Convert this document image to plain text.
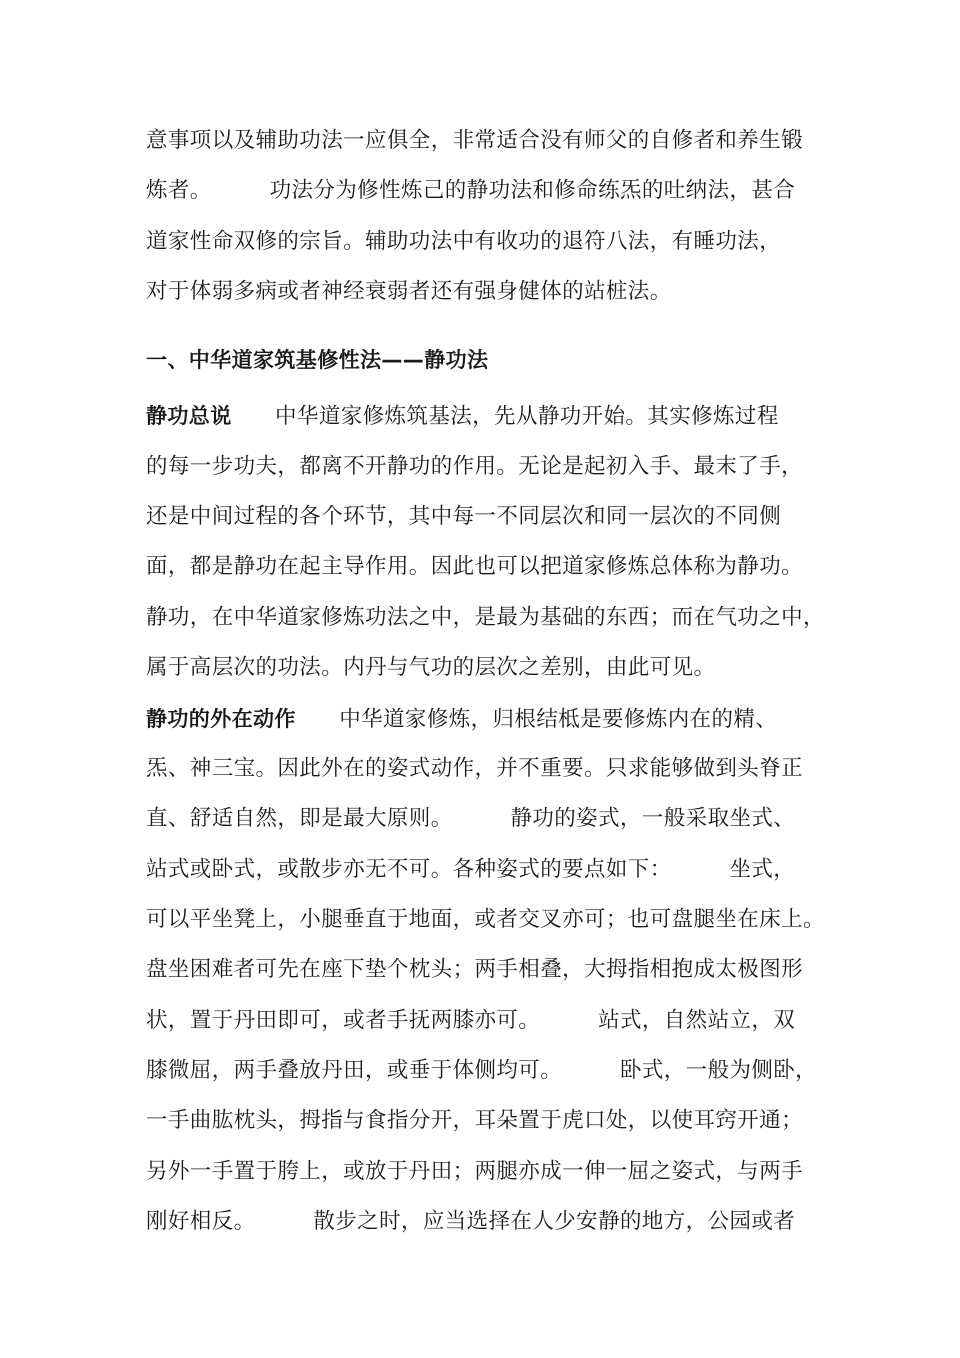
意事项以及辅助功法一应俱全，非常适合没有师父的自修者和养生锻
炼者。        功法分为修性炼己的静功法和修命练炁的吐纳法，甚合
道家性命双修的宗旨。辅助功法中有收功的退符八法，有睡功法，
对于体弱多病或者神经衰弱者还有强身健体的站桩法。
一、中华道家筑基修性法——静功法
静功总说      中华道家修炼筑基法，先从静功开始。其实修炼过程
的每一步功夫，都离不开静功的作用。无论是起初入手、最末了手，
还是中间过程的各个环节，其中每一不同层次和同一层次的不同侧
面，都是静功在起主导作用。因此也可以把道家修炼总体称为静功。
静功，在中华道家修炼功法之中，是最为基础的东西；而在气功之中，
属于高层次的功法。内丹与气功的层次之差别，由此可见。
静功的外在动作      中华道家修炼，归根结柢是要修炼内在的精、
炁、神三宝。因此外在的姿式动作，并不重要。只求能够做到头脊正
直、舒适自然，即是最大原则。        静功的姿式，一般采取坐式、
站式或卧式，或散步亦无不可。各种姿式的要点如下：        坐式，
可以平坐凳上，小腿垂直于地面，或者交叉亦可；也可盘腿坐在床上。
盘坐困难者可先在座下垫个枕头；两手相叠，大拇指相抱成太极图形
状，置于丹田即可，或者手抚两膝亦可。        站式，自然站立，双
膝微屈，两手叠放丹田，或垂于体侧均可。        卧式，一般为侧卧，
一手曲肱枕头，拇指与食指分开，耳朵置于虎口处，以使耳窍开通；
另外一手置于胯上，或放于丹田；两腿亦成一伸一屈之姿式，与两手
刚好相反。        散步之时，应当选择在人少安静的地方，公园或者
